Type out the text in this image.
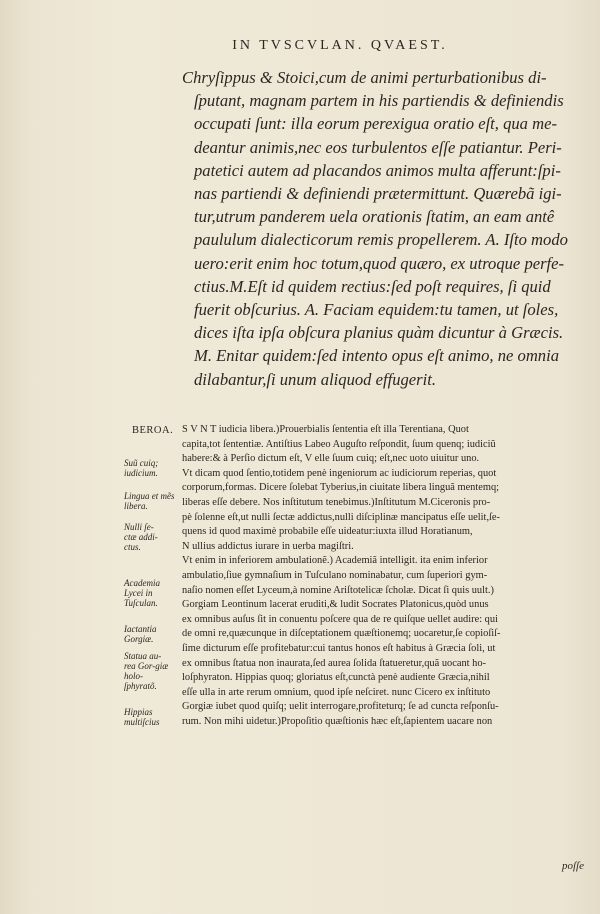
IN TVSCVLAN. QVAEST.
Chryſippus & Stoici,cum de animi perturbationibus di-
ſputant, magnam partem in his partiendis & definiendis
occupati ſunt: illa eorum perexigua oratio eſt, qua me-
deantur animis,nec eos turbulentos eſſe patiantur. Peri-
patetici autem ad placandos animos multa afferunt:ſpi-
nas partiendi & definiendi prætermittunt. Quærebã igi-
tur,utrum panderem uela orationis ſtatim, an eam antê
paululum dialecticorum remis propellerem. A. Iſto modo
uero:erit enim hoc totum,quod quæro, ex utroque perfe-
ctius.M.Eſt id quidem rectius:ſed poſt requires, ſi quid
fuerit obſcurius. A. Faciam equidem:tu tamen, ut ſoles,
dices iſta ipſa obſcura planius quàm dicuntur à Græcis.
M. Enitar quidem:ſed intento opus eſt animo, ne omnia
dilabantur,ſi unum aliquod effugerit.
S V N T iudicia libera.)Prouerbialis ſententia eſt illa Terentiana, Quot
capita,tot ſententiæ. Antiſtius Labeo Auguſto reſpondit, ſuum quenq; iudiciũ
habere:& à Perſio dictum eſt, V elle ſuum cuiq; eſt,nec uoto uiuitur uno.
Vt dicam quod ſentio,totidem penè ingeniorum ac iudiciorum reperias, quot
corporum,formas. Dicere ſolebat Tyberius,in ciuitate libera linguã mentemq;
liberas eſſe debere. Nos inſtitutum tenebimus.)Inſtitutum M.Ciceronis pro-
pè ſolenne eſt,ut nulli ſectæ addictus,nulli diſciplinæ mancipatus eſſe uelit,ſe-
quens id quod maximè probabile eſſe uideatur:iuxta illud Horatianum,
N ullius addictus iurare in uerba magiſtri.
Vt enim in inferiorem ambulationẽ.) Academiã intelligit. ita enim inferior
ambulatio,ſiue gymnaſium in Tuſculano nominabatur, cum ſuperiori gym-
naſio nomen eſſet Lyceum,à nomine Ariſtotelicæ ſcholæ. Dicat ſi quis uult.)
Gorgiam Leontinum lacerat eruditi,& ludit Socrates Platonicus,quòd unus
ex omnibus auſus ſit in conuentu poſcere qua de re quiſque uellet audire: qui
de omni re,quæcunque in diſceptationem quæſtionemq; uocaretur,ſe copioſiſ-
ſime dicturum eſſe profitebatur:cui tantus honos eſt habitus à Græcia ſoli, ut
ex omnibus ſtatua non inaurata,ſed aurea ſolida ſtatueretur,quã uocant ho-
loſphyraton. Hippias quoq; gloriatus eſt,cunctà penè audiente Græcia,nihil
eſſe ulla in arte rerum omnium, quod ipſe neſciret. nunc Cicero ex inſtituto
Gorgiæ iubet quod quiſq; uelit interrogare,profiteturq; ſe ad cuncta reſponſu-
rum. Non mihi uidetur.)Propoſitio quæſtionis hæc eſt,ſapientem uacare non
BEROA.
Suũ cuiq; iudicium.
Lingua et mẽs libera.
Nulli ſe-ctæ addi-ctus.
Academia Lycei in Tuſculan.
Iactantia Gorgiæ.
Statua au-rea Gor-giæ holo-ſphyratõ.
Hippias multiſcius
poſſe
